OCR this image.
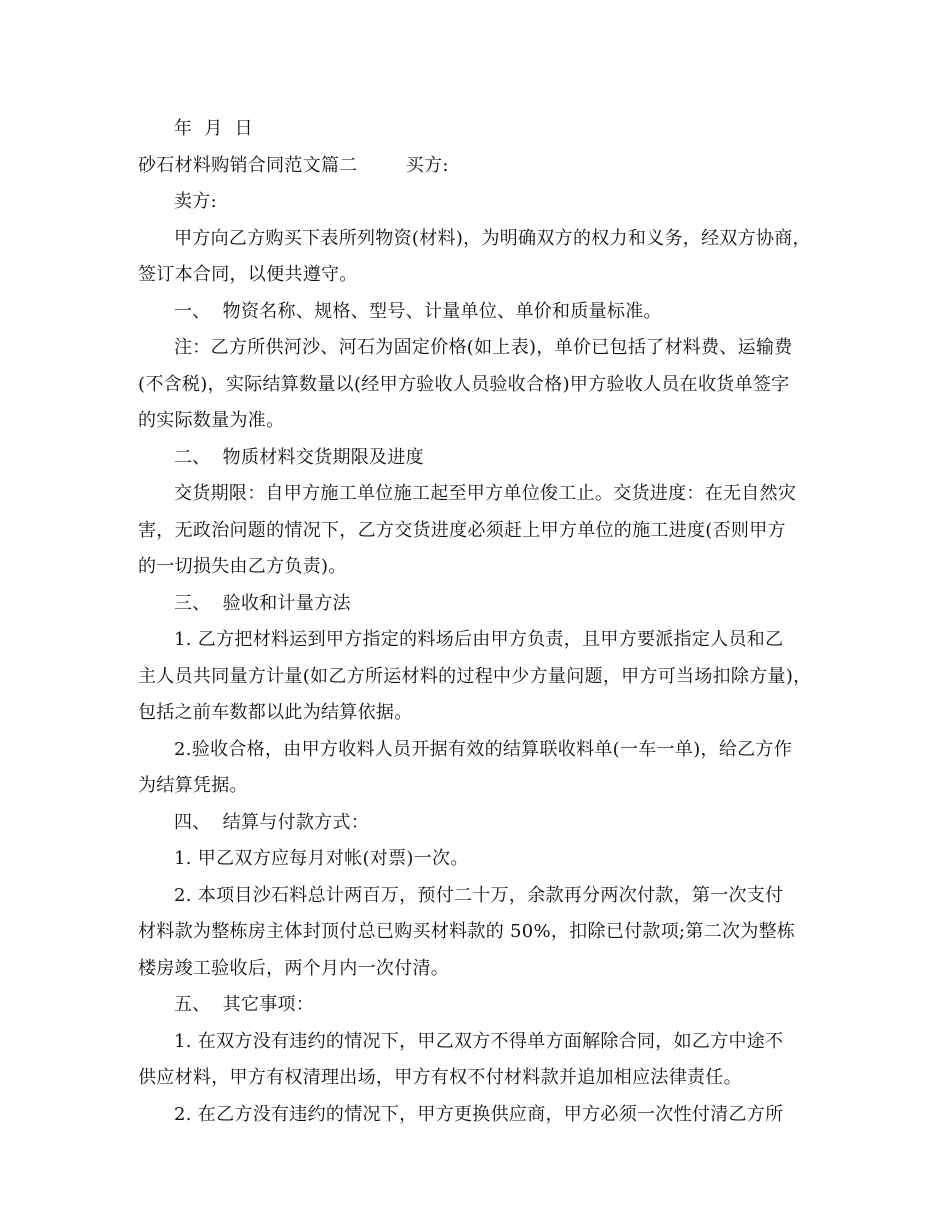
年  月  日
砂石材料购销合同范文篇二        买方:
卖方:
甲方向乙方购买下表所列物资(材料)，为明确双方的权力和义务，经双方协商，
签订本合同，以便共遵守。
一、  物资名称、规格、型号、计量单位、单价和质量标准。
注：乙方所供河沙、河石为固定价格(如上表)，单价已包括了材料费、运输费
(不含税)，实际结算数量以(经甲方验收人员验收合格)甲方验收人员在收货单签字
的实际数量为准。
二、  物质材料交货期限及进度
交货期限：自甲方施工单位施工起至甲方单位俊工止。交货进度：在无自然灾
害，无政治问题的情况下，乙方交货进度必须赶上甲方单位的施工进度(否则甲方
的一切损失由乙方负责)。
三、  验收和计量方法
1. 乙方把材料运到甲方指定的料场后由甲方负责，且甲方要派指定人员和乙
主人员共同量方计量(如乙方所运材料的过程中少方量问题，甲方可当场扣除方量)，
包括之前车数都以此为结算依据。
2.验收合格，由甲方收料人员开据有效的结算联收料单(一车一单)，给乙方作
为结算凭据。
四、  结算与付款方式：
1. 甲乙双方应每月对帐(对票)一次。
2. 本项目沙石料总计两百万，预付二十万，余款再分两次付款，第一次支付
材料款为整栋房主体封顶付总已购买材料款的 50%，扣除已付款项;第二次为整栋
楼房竣工验收后，两个月内一次付清。
五、  其它事项：
1. 在双方没有违约的情况下，甲乙双方不得单方面解除合同，如乙方中途不
供应材料，甲方有权清理出场，甲方有权不付材料款并追加相应法律责任。
2. 在乙方没有违约的情况下，甲方更换供应商，甲方必须一次性付清乙方所
